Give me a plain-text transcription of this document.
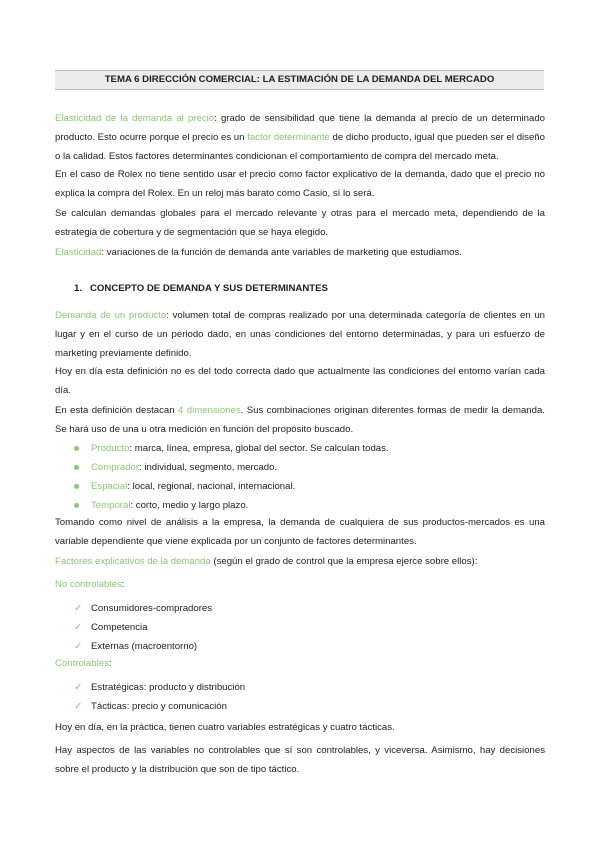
TEMA 6 DIRECCIÓN COMERCIAL: LA ESTIMACIÓN DE LA DEMANDA DEL MERCADO

Elasticidad de la demanda al precio: grado de sensibilidad que tiene la demanda al precio de un determinado producto. Esto ocurre porque el precio es un factor determinante de dicho producto, igual que pueden ser el diseño o la calidad. Estos factores determinantes condicionan el comportamiento de compra del mercado meta.

En el caso de Rolex no tiene sentido usar el precio como factor explicativo de la demanda, dado que el precio no explica la compra del Rolex. En un reloj más barato como Casio, sí lo será.

Se calculan demandas globales para el mercado relevante y otras para el mercado meta, dependiendo de la estrategia de cobertura y de segmentación que se haya elegido.

Elasticidad: variaciones de la función de demanda ante variables de marketing que estudiamos.

1. CONCEPTO DE DEMANDA Y SUS DETERMINANTES

Demanda de un producto: volumen total de compras realizado por una determinada categoría de clientes en un lugar y en el curso de un periodo dado, en unas condiciones del entorno determinadas, y para un esfuerzo de marketing previamente definido.

Hoy en día esta definición no es del todo correcta dado que actualmente las condiciones del entorno varían cada día.

En esta definición destacan 4 dimensiones. Sus combinaciones originan diferentes formas de medir la demanda. Se hará uso de una u otra medición en función del propósito buscado.

Producto: marca, línea, empresa, global del sector. Se calculan todas.
Comprador: individual, segmento, mercado.
Espacial: local, regional, nacional, internacional.
Temporal: corto, medio y largo plazo.

Tomando como nivel de análisis a la empresa, la demanda de cualquiera de sus productos-mercados es una variable dependiente que viene explicada por un conjunto de factores determinantes.

Factores explicativos de la demanda (según el grado de control que la empresa ejerce sobre ellos):

No controlables:

✓ Consumidores-compradores
✓ Competencia
✓ Externas (macroentorno)

Controlables:

✓ Estratégicas: producto y distribución
✓ Tácticas: precio y comunicación

Hoy en día, en la práctica, tienen cuatro variables estratégicas y cuatro tácticas.

Hay aspectos de las variables no controlables que sí son controlables, y viceversa. Asimismo, hay decisiones sobre el producto y la distribución que son de tipo táctico.
